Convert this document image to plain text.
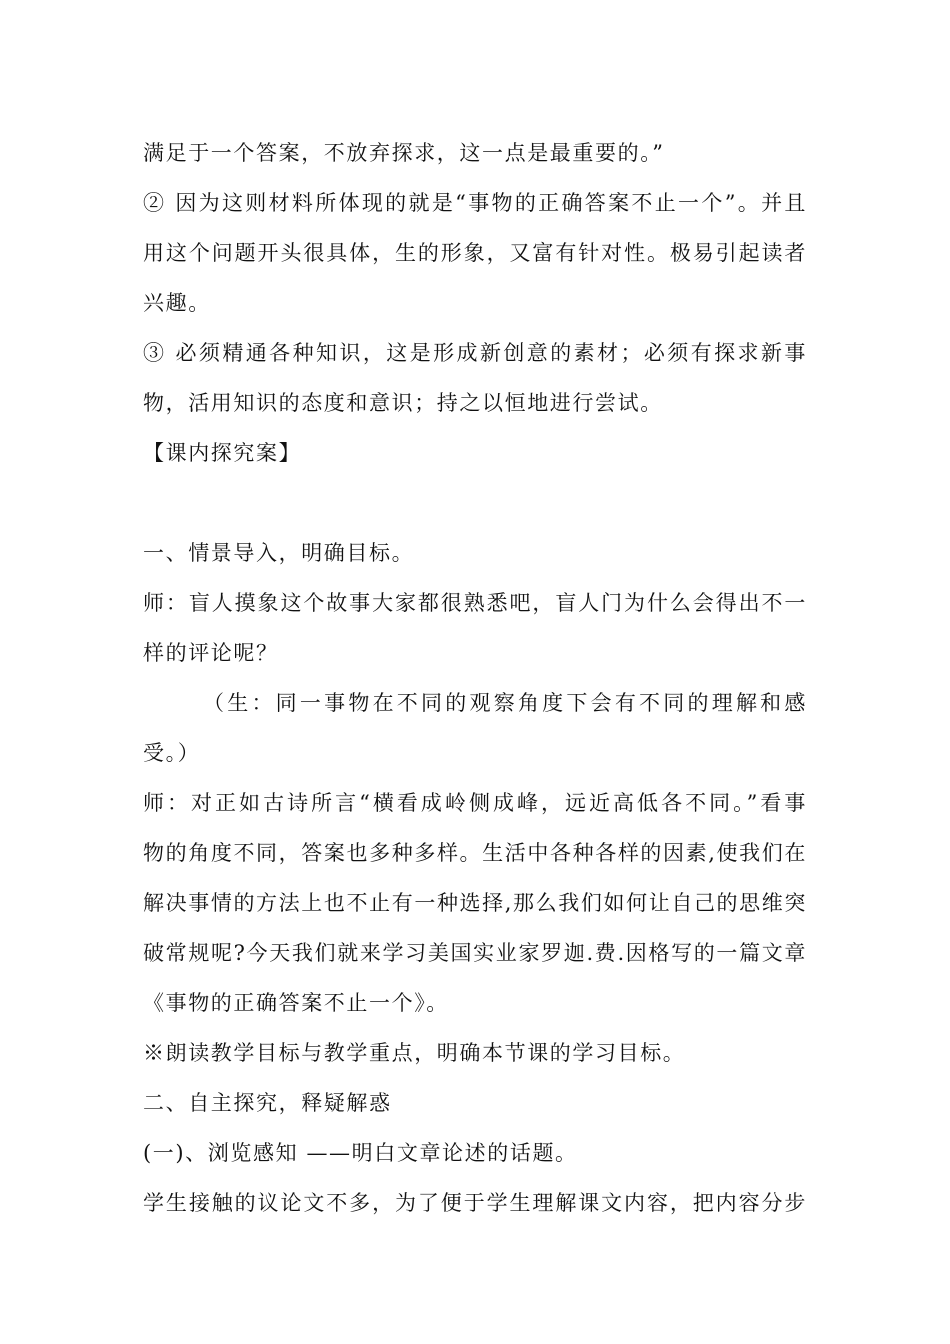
满足于一个答案，不放弃探求，这一点是最重要的。”
② 因为这则材料所体现的就是“事物的正确答案不止一个”。并且
用这个问题开头很具体，生的形象，又富有针对性。极易引起读者
兴趣。
③ 必须精通各种知识，这是形成新创意的素材；必须有探求新事
物，活用知识的态度和意识；持之以恒地进行尝试。
【课内探究案】
一、情景导入，明确目标。
师：盲人摸象这个故事大家都很熟悉吧，盲人门为什么会得出不一
样的评论呢？
（生：同一事物在不同的观察角度下会有不同的理解和感
受。）
师：对正如古诗所言“横看成岭侧成峰，远近高低各不同。”看事
物的角度不同，答案也多种多样。生活中各种各样的因素,使我们在
解决事情的方法上也不止有一种选择,那么我们如何让自己的思维突
破常规呢?今天我们就来学习美国实业家罗迦.费.因格写的一篇文章
《事物的正确答案不止一个》。
※朗读教学目标与教学重点，明确本节课的学习目标。
二、自主探究，释疑解惑
(一)、浏览感知 ——明白文章论述的话题。
学生接触的议论文不多，为了便于学生理解课文内容，把内容分步
